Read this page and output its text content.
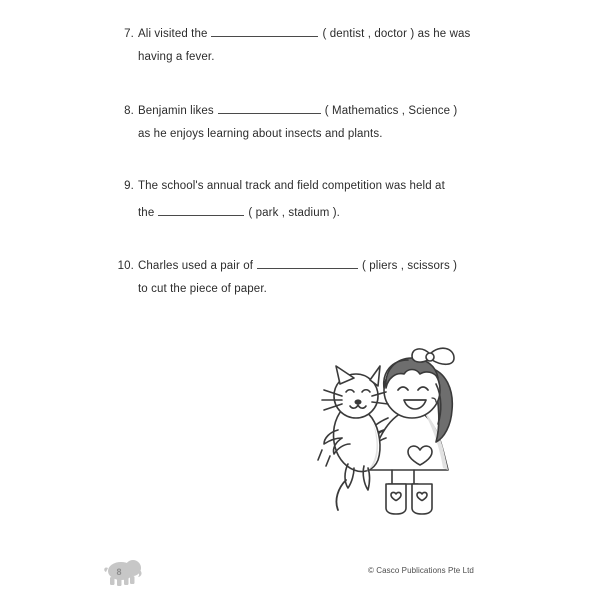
7. Ali visited the	( dentist , doctor ) as he was
having a fever.
8. Benjamin likes	( Mathematics , Science )
as he enjoys learning about insects and plants.
9. The school's annual track and field competition was held at
the	( park , stadium ).
10. Charles used a pair of	( pliers , scissors )
to cut the piece of paper.
8	© Casco Publications Pte Ltd
